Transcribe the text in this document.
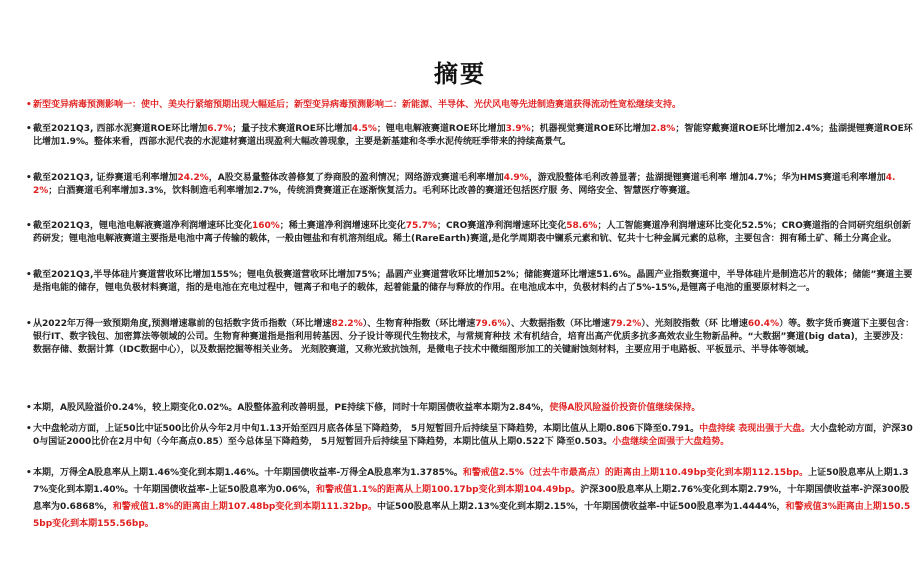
摘要
• 新型变异病毒预测影响一：使中、美央行紧缩预期出现大幅延后；新型变异病毒预测影响二：新能源、半导体、光伏风电等先进制造赛道获得流动性宽松继续支持。
• 截至2021Q3, 西部水泥赛道ROE环比增加6.7%；量子技术赛道ROE环比增加4.5%；锂电电解液赛道ROE环比增加3.9%；机器视觉赛道ROE环比增加2.8%；智能穿戴赛道ROE环比增加2.4%；盐湖提锂赛道ROE环比增加1.9%。整体来看，西部水泥代表的水泥建材赛道出现盈利大幅改善现象，主要是新基建和冬季水泥传统旺季带来的持续高景气。
• 截至2021Q3, 证券赛道毛利率增加24.2%，A股交易量整体改善修复了券商股的盈利情况；网络游戏赛道毛利率增加4.9%，游戏股整体毛利改善显著；盐湖提锂赛道毛利率 增加4.7%；华为HMS赛道毛利率增加4.2%；白酒赛道毛利率增加3.3%，饮料制造毛利率增加2.7%，传统消费赛道正在逐渐恢复活力。毛利环比改善的赛道还包括医疗服 务、网络安全、智慧医疗等赛道。
• 截至2021Q3，锂电池电解液赛道净利润增速环比变化160%；稀土赛道净利润增速环比变化75.7%；CRO赛道净利润增速环比变化58.6%；人工智能赛道净利润增速环比变化52.5%；CRO赛道指的合同研究组织创新药研发；锂电池电解液赛道主要指是电池中离子传输的载体，一般由锂盐和有机溶剂组成。稀土(RareEarth)赛道,是化学周期表中镧系元素和钪、钇共十七种金属元素的总称，主要包含：拥有稀土矿、稀土分离企业。
• 截至2021Q3,半导体硅片赛道营收环比增加155%；锂电负极赛道营收环比增加75%；晶圆产业赛道营收环比增加52%；储能赛道环比增速51.6%。晶圆产业指数赛道中，半导体硅片是制造芯片的载体；储能”赛道主要是指电能的储存，锂电负极材料赛道，指的是电池在充电过程中，锂离子和电子的载体，起着能量的储存与释放的作用。在电池成本中，负极材料约占了5%-15%,是锂离子电池的重要原材料之一。
• 从2022年万得一致预期角度,预测增速靠前的包括数字货币指数（环比增速82.2%）、生物育种指数（环比增速79.6%）、大数据指数（环比增速79.2%）、光刻胶指数（环 比增速60.4%）等。数字货币赛道下主要包含：银行IT、数字钱包、加密算法等领域的公司。生物育种赛道指是指利用转基因、分子设计等现代生物技术，与常规育种技 术有机结合，培育出高产优质多抗多高效农业生物新品种。“大数据”赛道(big data)，主要涉及：数据存储、数据计算（IDC数据中心），以及数据挖掘等相关业务。 光刻胶赛道，又称光致抗蚀剂，是微电子技术中微细图形加工的关键耐蚀刻材料，主要应用于电路板、平板显示、半导体等领域。
• 本期，A股风险溢价0.24%，较上期变化0.02%。A股整体盈利改善明显，PE持续下修，同时十年期国债收益率本期为2.84%，使得A股风险溢价投资价值继续保持。
• 大中盘轮动方面，上证50比中证500比价从今年2月中旬1.13开始至四月底各体呈下降趋势， 5月短暂回升后持续呈下降趋势，本期比值从上期0.806下降至0.791。中盘持续 表现出强于大盘。大小盘轮动方面，沪深300与国证2000比价在2月中旬（今年高点0.85）至今总体呈下降趋势， 5月短暂回升后持续呈下降趋势，本期比值从上期0.522下 降至0.503。小盘继续全面强于大盘趋势。
• 本期，万得全A股息率从上期1.46%变化到本期1.46%。十年期国债收益率-万得全A股息率为1.3785%。和警戒值2.5%（过去牛市最高点）的距离由上期110.49bp变化到本期112.15bp。上证50股息率从上期1.37%变化到本期1.40%。十年期国债收益率-上证50股息率为0.06%，和警戒值1.1%的距离从上期100.17bp变化到本期104.49bp。沪深300股息率从上期2.76%变化到本期2.79%，十年期国债收益率-沪深300股息率为0.6868%，和警戒值1.8%的距离由上期107.48bp变化到本期111.32bp。中证500股息率从上期2.13%变化到本期2.15%，十年期国债收益率-中证500股息率为1.4444%，和警戒值3%距离由上期150.55bp变化到本期155.56bp。
